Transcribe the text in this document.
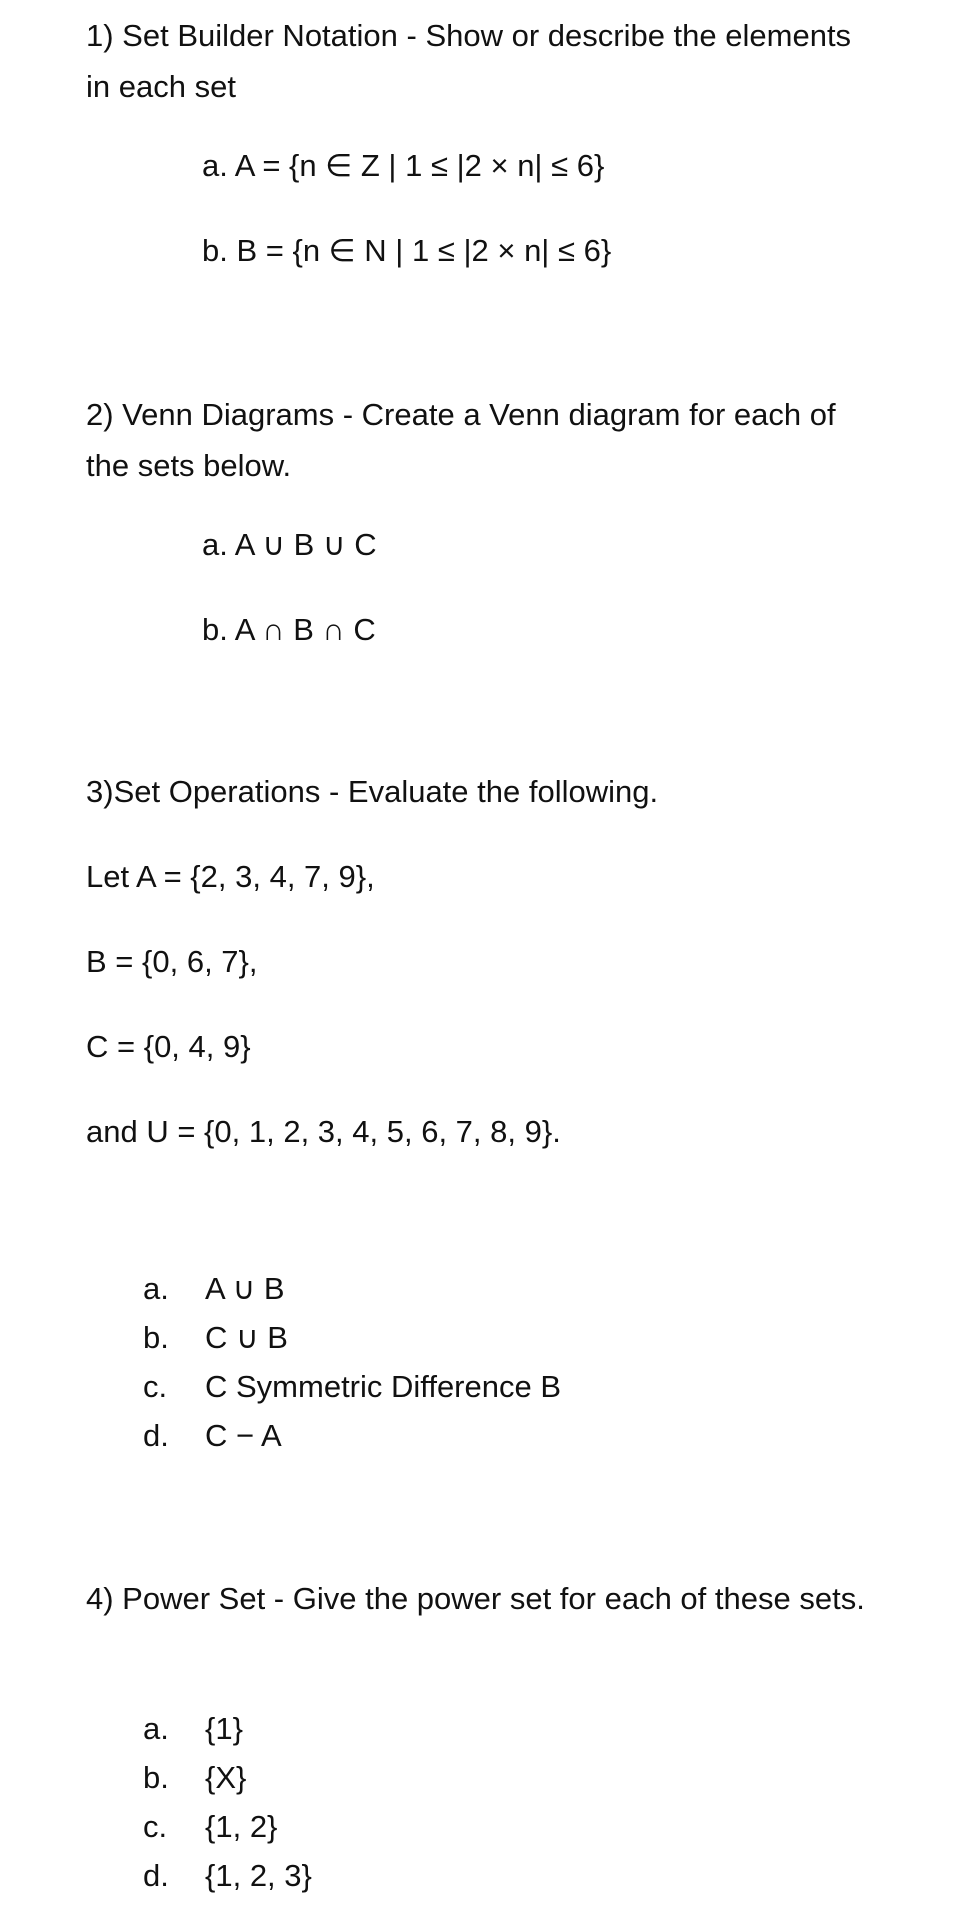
1) Set Builder Notation - Show or describe the elements in each set

a. A = {n ∈ Z | 1 ≤ |2 × n| ≤ 6}

b. B = {n ∈ N | 1 ≤ |2 × n| ≤ 6}

2) Venn Diagrams - Create a Venn diagram for each of the sets below.

a. A ∪ B ∪ C

b. A ∩ B ∩ C

3)Set Operations - Evaluate the following.

Let A = {2, 3, 4, 7, 9},

B = {0, 6, 7},

C = {0, 4, 9}

and U = {0, 1, 2, 3, 4, 5, 6, 7, 8, 9}.

a. A ∪ B
b. C ∪ B
c. C Symmetric Difference B
d. C − A

4) Power Set - Give the power set for each of these sets.

a. {1}
b. {X}
c. {1, 2}
d. {1, 2, 3}
